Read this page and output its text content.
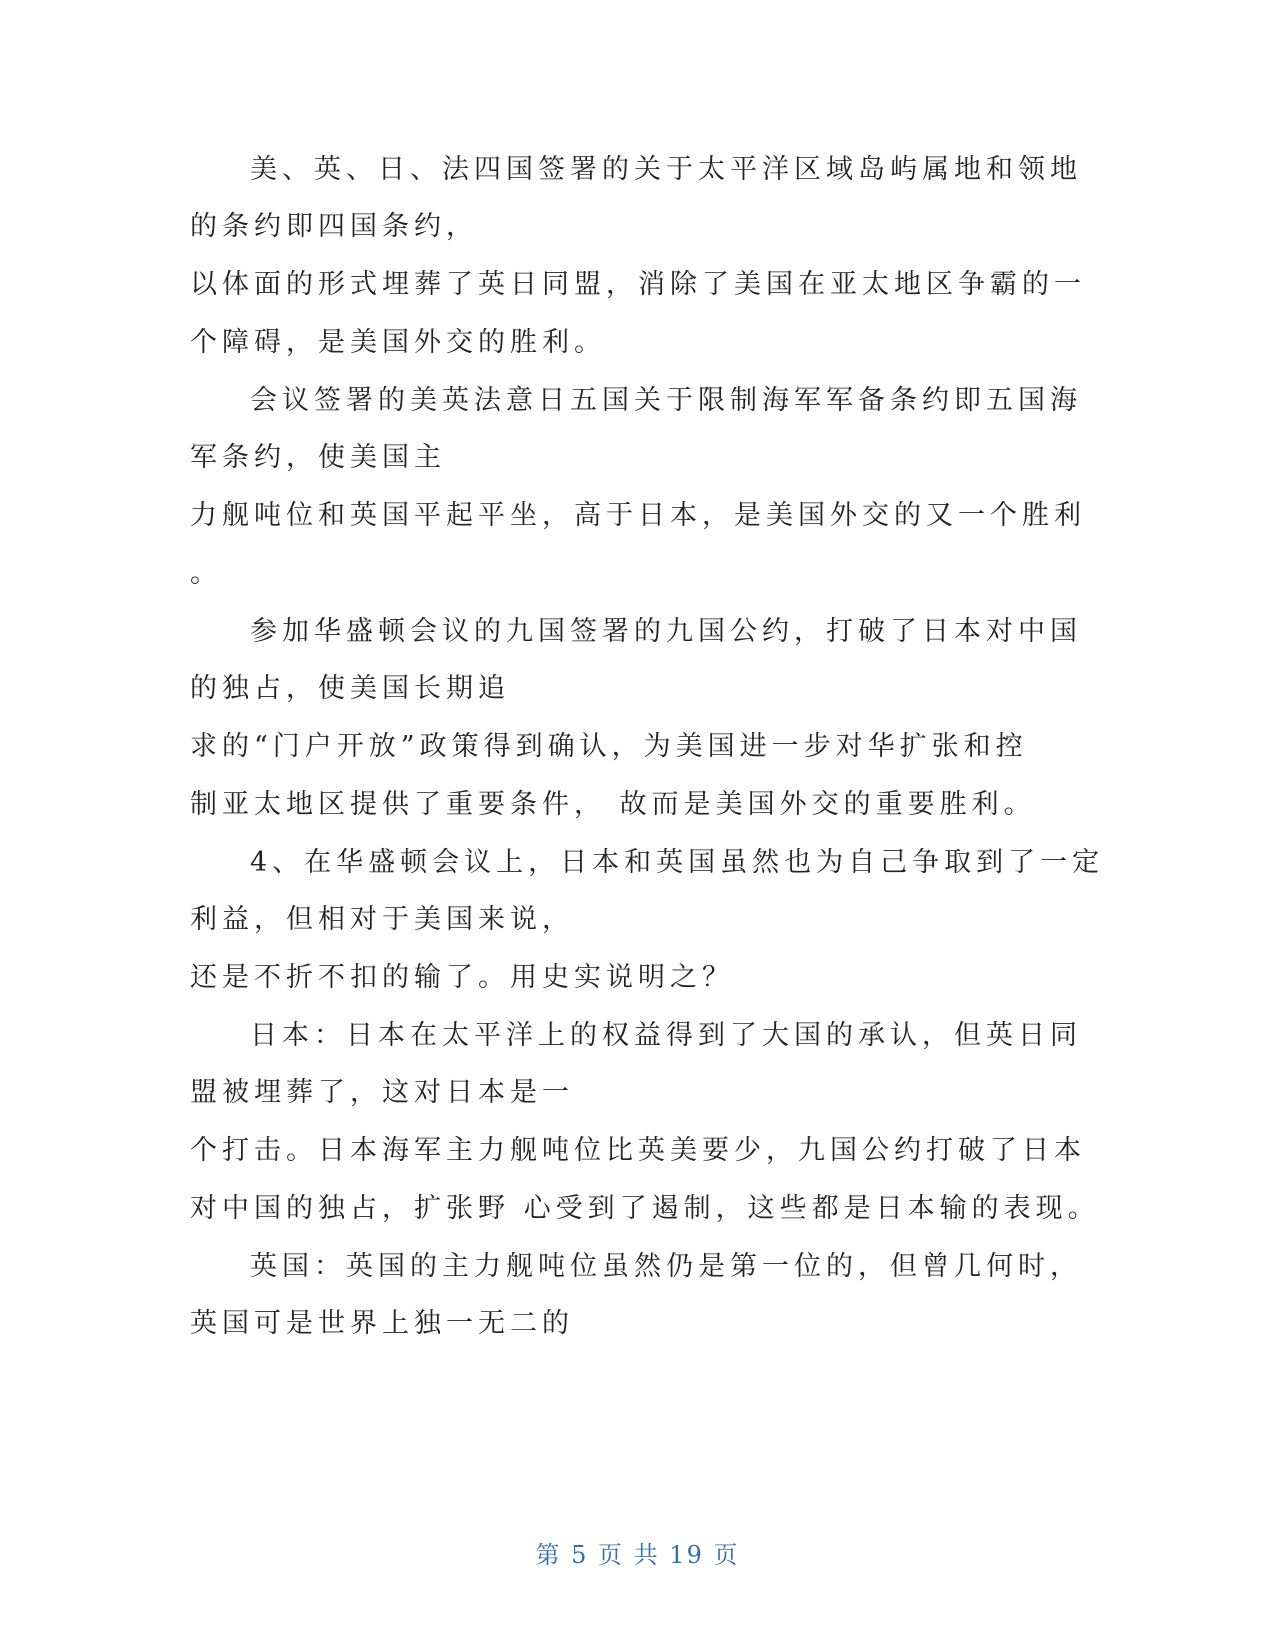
美、英、日、法四国签署的关于太平洋区域岛屿属地和领地
的条约即四国条约，
以体面的形式埋葬了英日同盟，消除了美国在亚太地区争霸的一
个障碍，是美国外交的胜利。
会议签署的美英法意日五国关于限制海军军备条约即五国海
军条约，使美国主
力舰吨位和英国平起平坐，高于日本，是美国外交的又一个胜利
。
参加华盛顿会议的九国签署的九国公约，打破了日本对中国
的独占，使美国长期追
求的“门户开放”政策得到确认，为美国进一步对华扩张和控
制亚太地区提供了重要条件， 故而是美国外交的重要胜利。
4、在华盛顿会议上，日本和英国虽然也为自己争取到了一定
利益，但相对于美国来说，
还是不折不扣的输了。用史实说明之？
日本：日本在太平洋上的权益得到了大国的承认，但英日同
盟被埋葬了，这对日本是一
个打击。日本海军主力舰吨位比英美要少，九国公约打破了日本
对中国的独占，扩张野 心受到了遏制，这些都是日本输的表现。
英国：英国的主力舰吨位虽然仍是第一位的，但曾几何时，
英国可是世界上独一无二的
第 5 页 共 19 页
